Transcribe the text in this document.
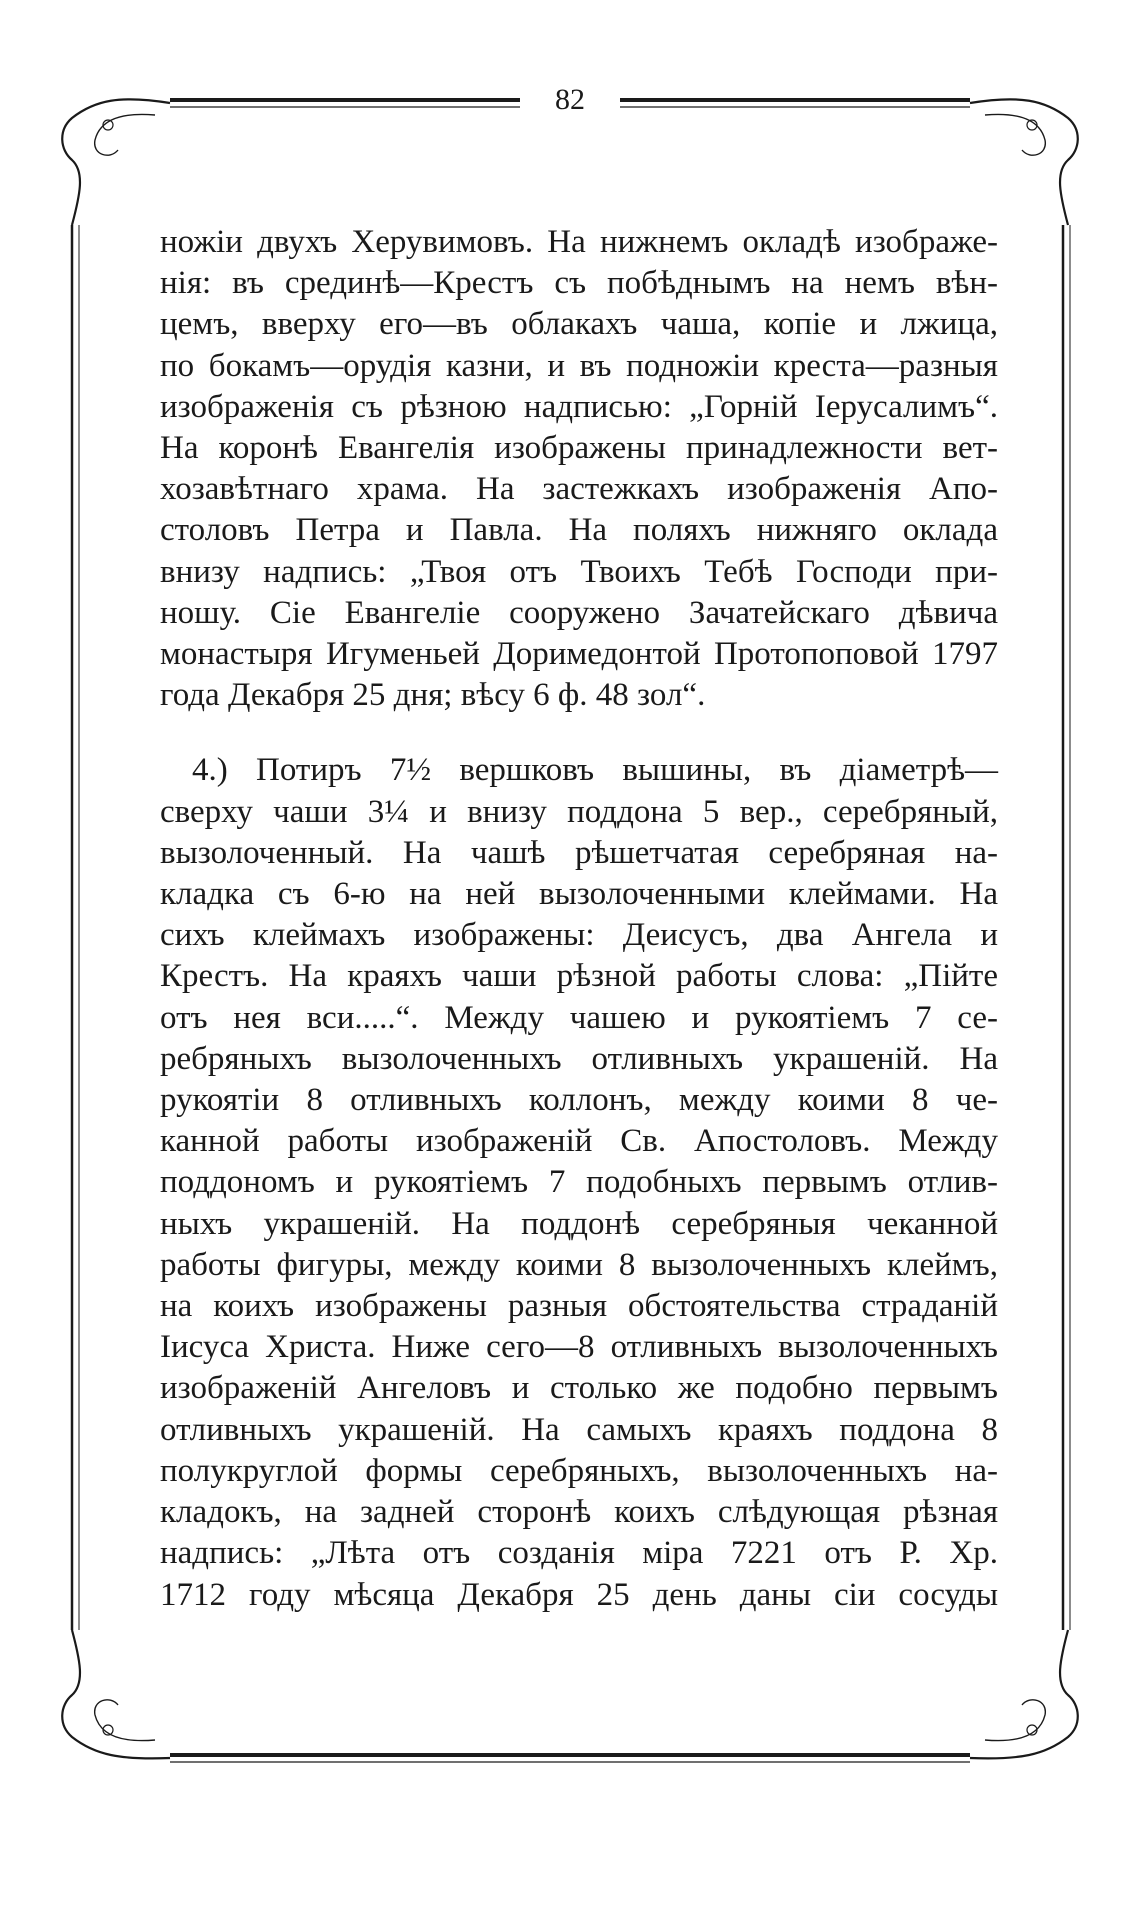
82
ножіи двухъ Херувимовъ. На нижнемъ окладѣ изображе-
нія: въ срединѣ—Крестъ съ побѣднымъ на немъ вѣн-
цемъ, вверху его—въ облакахъ чаша, копіе и лжица,
по бокамъ—орудія казни, и въ подножіи креста—разныя
изображенія съ рѣзною надписью: „Горній Іерусалимъ“.
На коронѣ Евангелія изображены принадлежности вет-
хозавѣтнаго храма. На застежкахъ изображенія Апо-
столовъ Петра и Павла. На поляхъ нижняго оклада
внизу надпись: „Твоя отъ Твоихъ Тебѣ Господи при-
ношу. Сіе Евангеліе сооружено Зачатейскаго дѣвича
монастыря Игуменьей Доримедонтой Протопоповой 1797
года Декабря 25 дня; вѣсу 6 ф. 48 зол“.
4.) Потиръ 7½ вершковъ вышины, въ діаметрѣ—
сверху чаши 3¼ и внизу поддона 5 вер., серебряный,
вызолоченный. На чашѣ рѣшетчатая серебряная на-
кладка съ 6-ю на ней вызолоченными клеймами. На
сихъ клеймахъ изображены: Деисусъ, два Ангела и
Крестъ. На краяхъ чаши рѣзной работы слова: „Пійте
отъ нея вси.....“. Между чашею и рукоятіемъ 7 се-
ребряныхъ вызолоченныхъ отливныхъ украшеній. На
рукоятіи 8 отливныхъ коллонъ, между коими 8 че-
канной работы изображеній Св. Апостоловъ. Между
поддономъ и рукоятіемъ 7 подобныхъ первымъ отлив-
ныхъ украшеній. На поддонѣ серебряныя чеканной
работы фигуры, между коими 8 вызолоченныхъ клеймъ,
на коихъ изображены разныя обстоятельства страданій
Іисуса Христа. Ниже сего—8 отливныхъ вызолоченныхъ
изображеній Ангеловъ и столько же подобно первымъ
отливныхъ украшеній. На самыхъ краяхъ поддона 8
полукруглой формы серебряныхъ, вызолоченныхъ на-
кладокъ, на задней сторонѣ коихъ слѣдующая рѣзная
надпись: „Лѣта отъ созданія міра 7221 отъ Р. Хр.
1712 году мѣсяца Декабря 25 день даны сіи сосуды
